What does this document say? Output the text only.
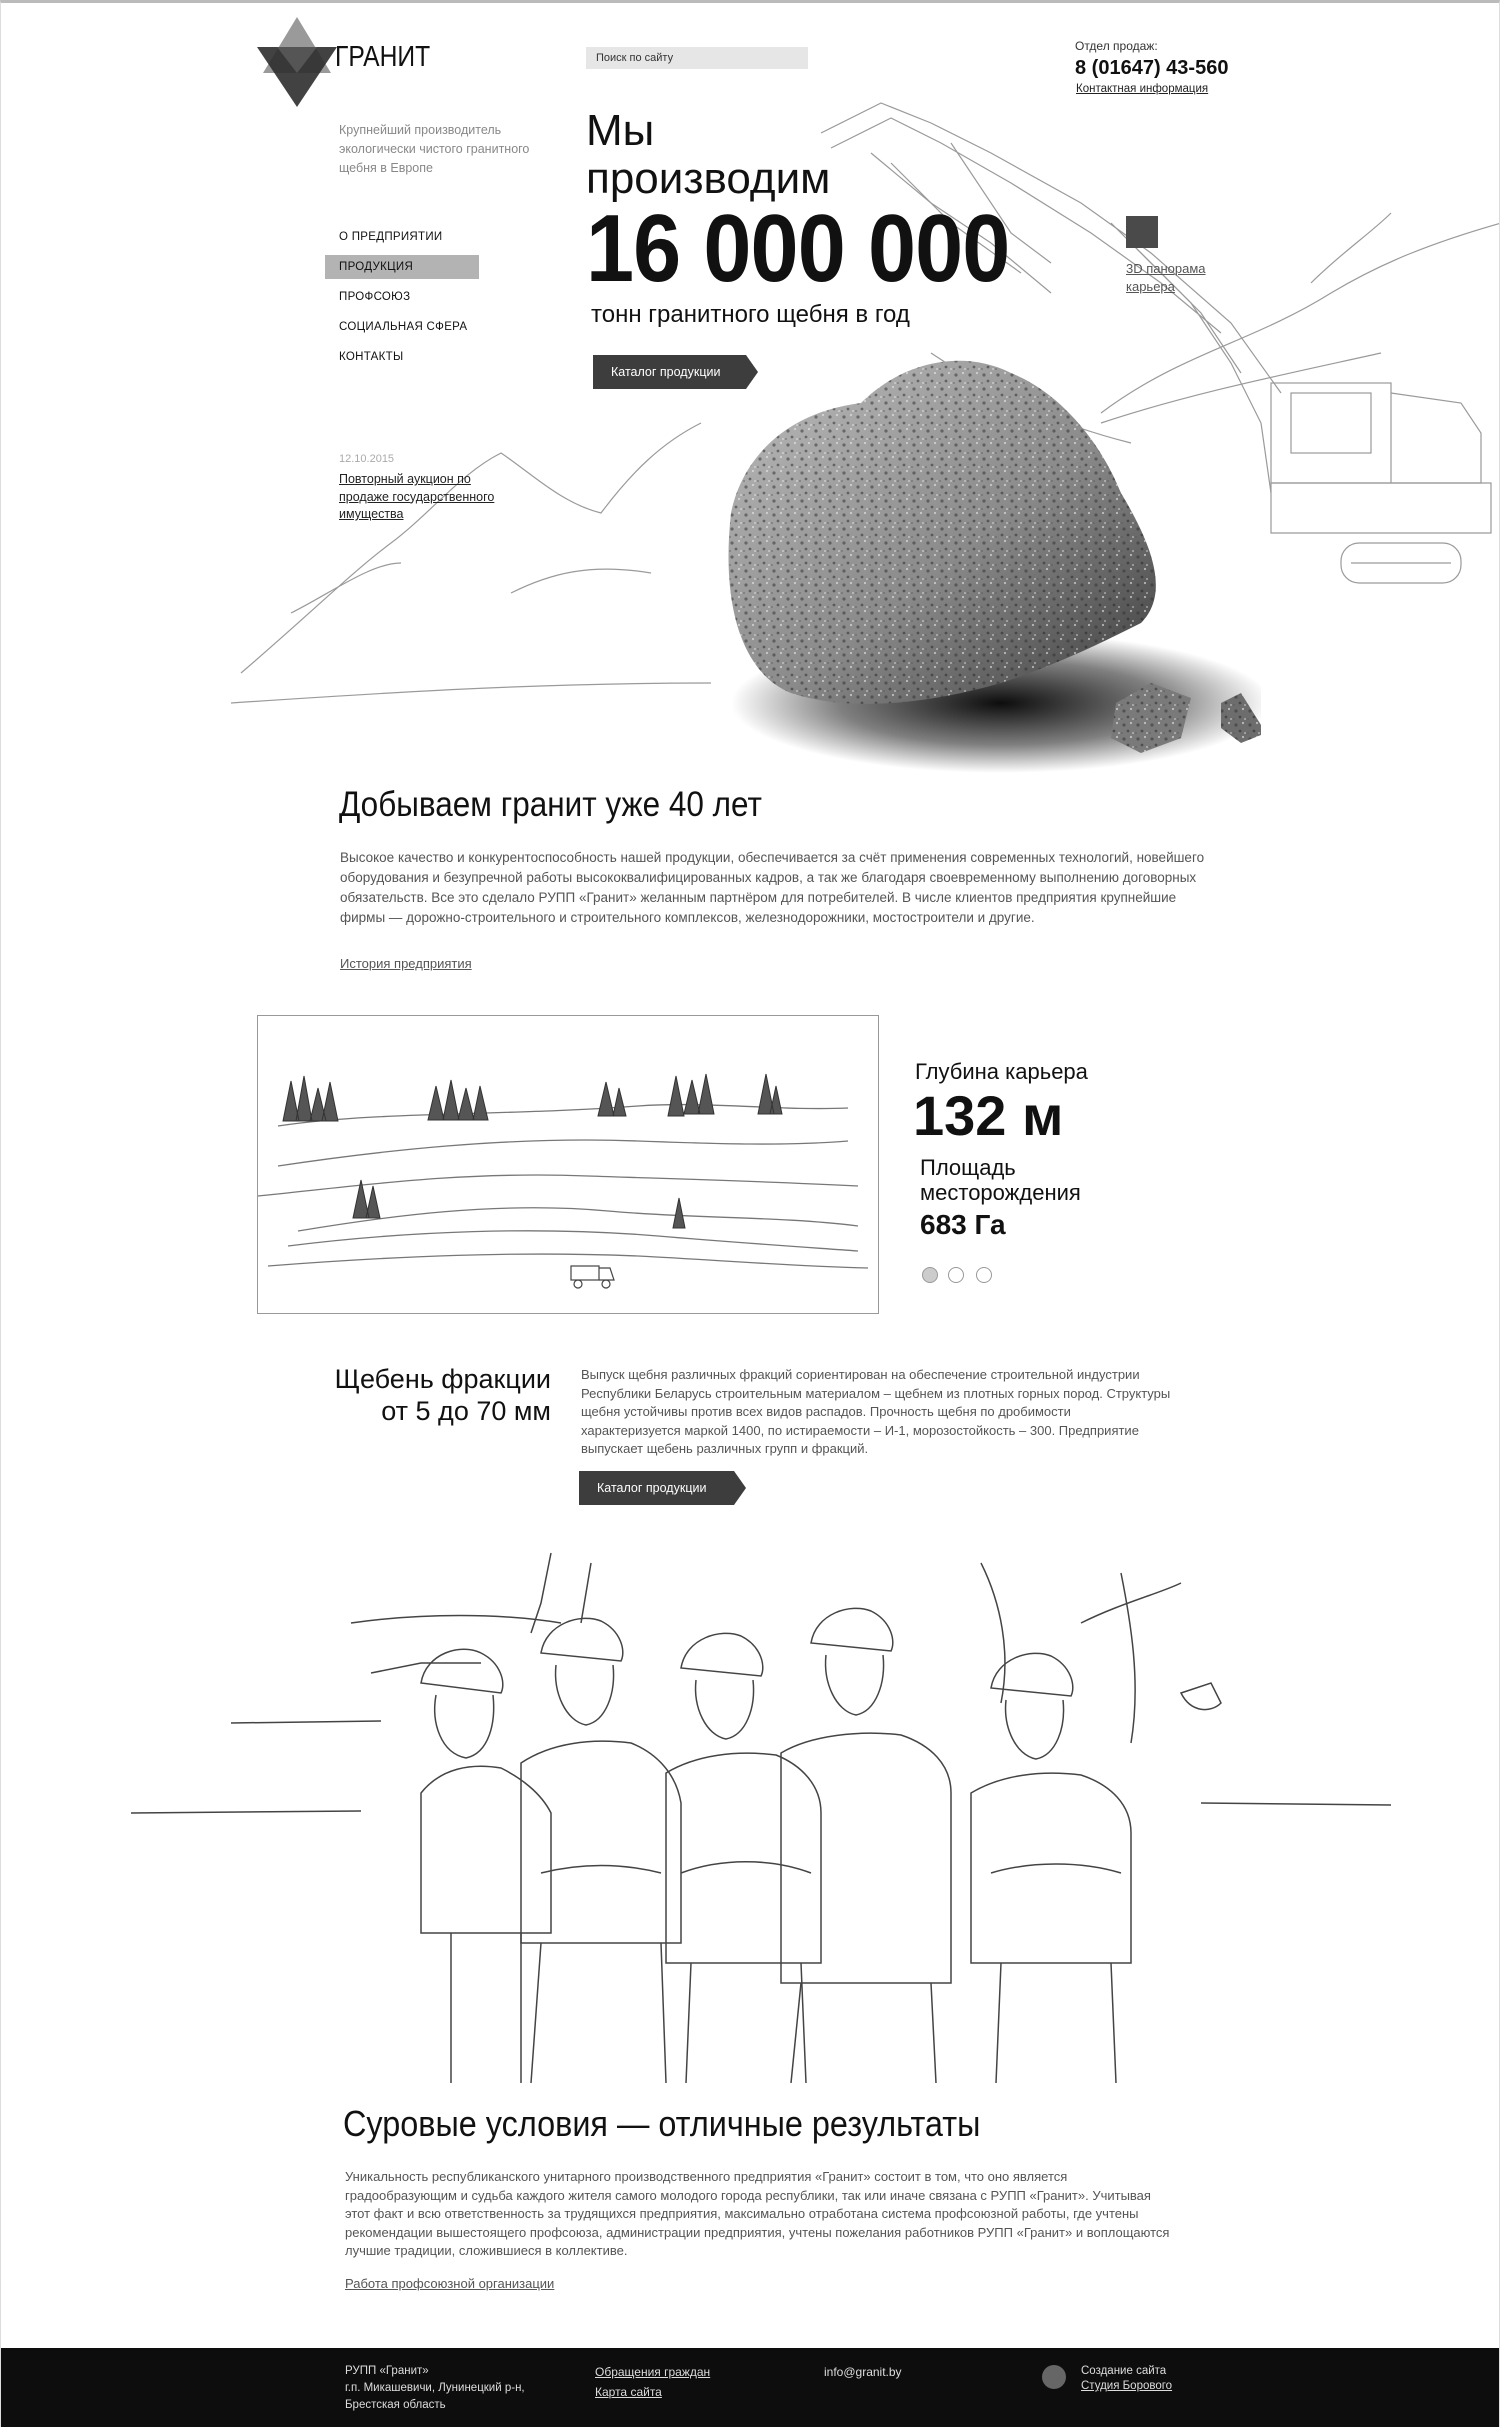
ГРАНИТ
Крупнейший производитель экологически чистого гранитного щебня в Европе
Поиск по сайту
Отдел продаж:
8 (01647) 43-560
Контактная информация
О ПРЕДПРИЯТИИ
ПРОДУКЦИЯ
ПРОФСОЮЗ
СОЦИАЛЬНАЯ СФЕРА
КОНТАКТЫ
12.10.2015
Повторный аукцион по продаже государственного имущества
Мы
производим
16 000 000
тонн гранитного щебня в год
Каталог продукции
3D панорама карьера
Добываем гранит уже 40 лет
Высокое качество и конкурентоспособность нашей продукции, обеспечивается за счёт применения современных технологий, новейшего оборудования и безупречной работы высококвалифицированных кадров, а так же благодаря своевременному выполнению договорных обязательств. Все это сделало РУПП «Гранит» желанным партнёром для потребителей. В числе клиентов предприятия крупнейшие фирмы — дорожно-строительного и строительного комплексов, железнодорожники, мостостроители и другие.
История предприятия
Глубина карьера
132 м
Площадь месторождения
683 Га
Щебень фракции
от 5 до 70 мм
Выпуск щебня различных фракций сориентирован на обеспечение строительной индустрии Республики Беларусь строительным материалом – щебнем из плотных горных пород. Структуры щебня устойчивы против всех видов распадов. Прочность щебня по дробимости характеризуется маркой 1400, по истираемости – И-1, морозостойкость – 300. Предприятие выпускает щебень различных групп и фракций.
Каталог продукции
Суровые условия — отличные результаты
Уникальность республиканского унитарного производственного предприятия «Гранит» состоит в том, что оно является градообразующим и судьба каждого жителя самого молодого города республики, так или иначе связана с РУПП «Гранит». Учитывая этот факт и всю ответственность за трудящихся предприятия, максимально отработана система профсоюзной работы, где учтены рекомендации вышестоящего профсоюза, администрации предприятия, учтены пожелания работников РУПП «Гранит» и воплощаются лучшие традиции, сложившиеся в коллективе.
Работа профсоюзной организации
РУПП «Гранит»
г.п. Микашевичи, Лунинецкий р-н,
Брестская область
Обращения граждан
Карта сайта
info@granit.by	Создание сайта
Студия Борового
